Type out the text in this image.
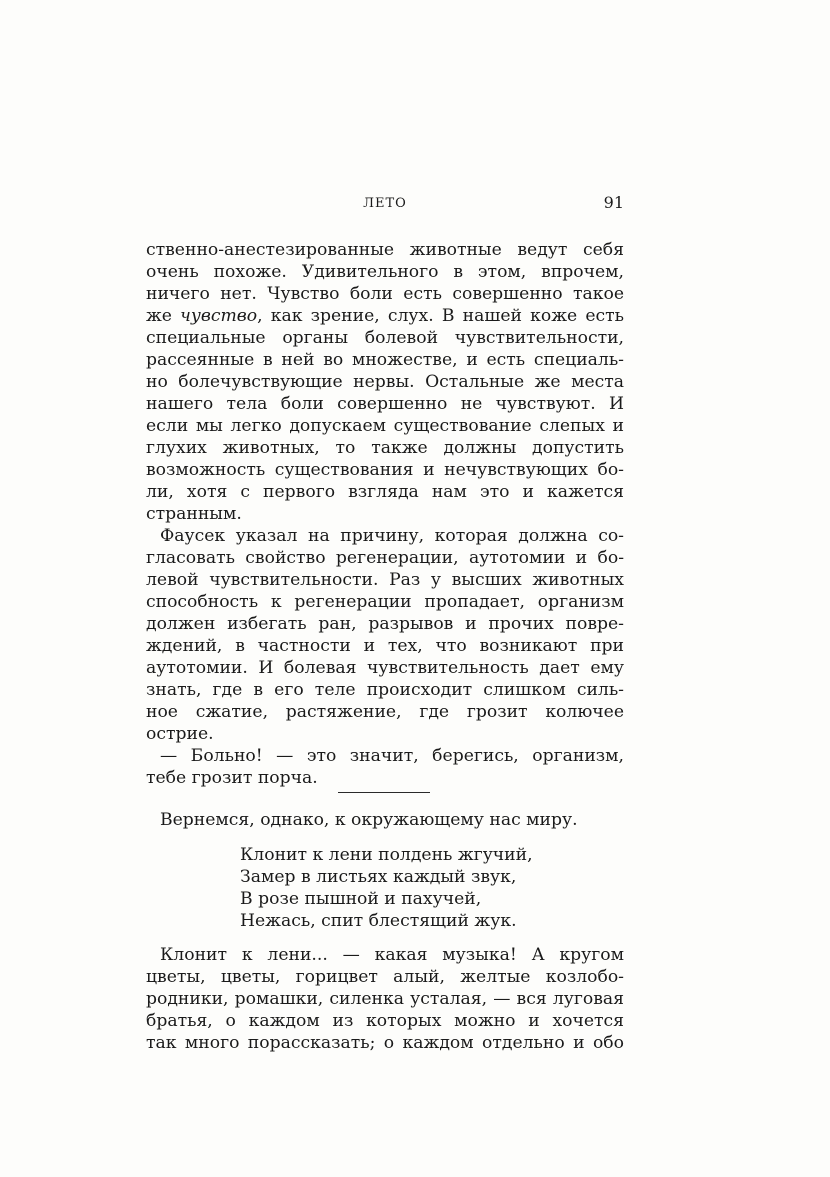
ЛЕТО	91
ственно-анестезированные животные ведут себя
очень похоже. Удивительного в этом, впрочем,
ничего нет. Чувство боли есть совершенно такое
же чувство, как зрение, слух. В нашей коже есть
специальные органы болевой чувствительности,
рассеянные в ней во множестве, и есть специаль-
но болечувствующие нервы. Остальные же места
нашего тела боли совершенно не чувствуют. И
если мы легко допускаем существование слепых и
глухих животных, то также должны допустить
возможность существования и нечувствующих бо-
ли, хотя с первого взгляда нам это и кажется
странным.
Фаусек указал на причину, которая должна со-
гласовать свойство регенерации, аутотомии и бо-
левой чувствительности. Раз у высших животных
способность к регенерации пропадает, организм
должен избегать ран, разрывов и прочих повре-
ждений, в частности и тех, что возникают при
аутотомии. И болевая чувствительность дает ему
знать, где в его теле происходит слишком силь-
ное сжатие, растяжение, где грозит колючее
острие.
— Больно! — это значит, берегись, организм,
тебе грозит порча.
Вернемся, однако, к окружающему нас миру.
Клонит к лени полдень жгучий,
Замер в листьях каждый звук,
В розе пышной и пахучей,
Нежась, спит блестящий жук.
Клонит к лени... — какая музыка! А кругом
цветы, цветы, горицвет алый, желтые козлобо-
родники, ромашки, силенка усталая, — вся луговая
братья, о каждом из которых можно и хочется
так много порассказать; о каждом отдельно и обо
